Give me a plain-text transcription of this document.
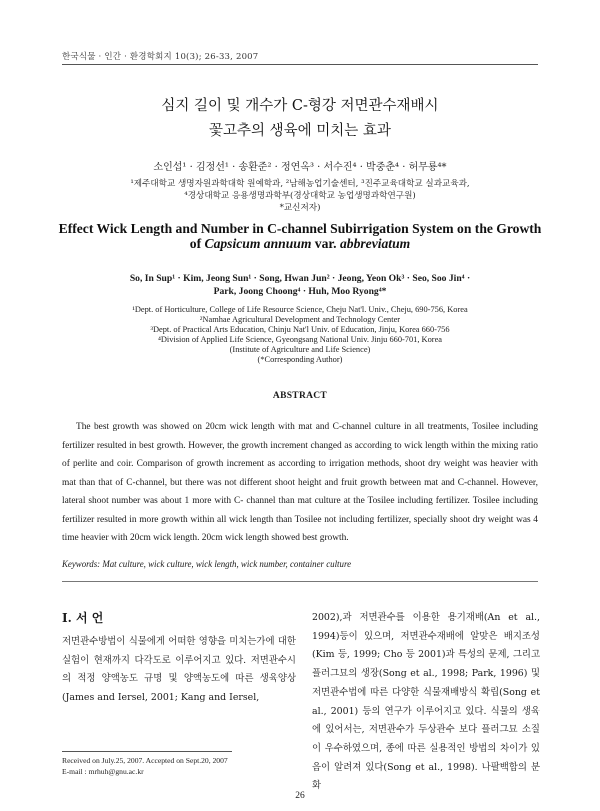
한국식물 · 인간 · 환경학회지 10(3); 26-33, 2007
심지 길이 및 개수가 C-형강 저면관수재배시
꽃고추의 생육에 미치는 효과
소인섭¹ · 김정선¹ · 송환준² · 정연옥³ · 서수진⁴ · 박중춘⁴ · 허무룡⁴*
¹제주대학교 생명자원과학대학 원예학과, ²남해농업기술센터, ³진주교육대학교 실과교육과,
⁴경상대학교 응용생명과학부(경상대학교 농업생명과학연구원)
*교신저자)
Effect Wick Length and Number in C-channel Subirrigation System on the Growth
of Capsicum annuum var. abbreviatum
So, In Sup¹ · Kim, Jeong Sun¹ · Song, Hwan Jun² · Jeong, Yeon Ok³ · Seo, Soo Jin⁴ ·
Park, Joong Choong⁴ · Huh, Moo Ryong⁴*
¹Dept. of Horticulture, College of Life Resource Science, Cheju Nat'l. Univ., Cheju, 690-756, Korea
²Namhae Agricultural Development and Technology Center
³Dept. of Practical Arts Education, Chinju Nat'l Univ. of Education, Jinju, Korea 660-756
⁴Division of Applied Life Science, Gyeongsang National Univ. Jinju 660-701, Korea
(Institute of Agriculture and Life Science)
(*Corresponding Author)
ABSTRACT

The best growth was showed on 20cm wick length with mat and C-channel culture in all treatments, Tosilee including fertilizer resulted in best growth. However, the growth increment changed as according to wick length within the mixing ratio of perlite and coir. Comparison of growth increment as according to irrigation methods, shoot dry weight was heavier with mat than that of C-channel, but there was not different shoot height and fruit growth between mat and C-channel. However, lateral shoot number was about 1 more with C- channel than mat culture at the Tosilee including fertilizer. Tosilee including fertilizer resulted in more growth within all wick length than Tosilee not including fertilizer, specially shoot dry weight was 4 time heavier with 20cm wick length. 20cm wick length showed best growth.

Keywords: Mat culture, wick culture, wick length, wick number, container culture
I. 서 언

저면관수방법이 식물에게 어떠한 영향을 미치는가에 대한 실험이 현재까지 다각도로 이루어지고 있다. 저면관수시의 적정 양액농도 규명 및 양액농도에 따른 생육양상(James and Iersel, 2001; Kang and Iersel,

2002),과 저면관수를 이용한 용기재배(An et al., 1994)등이 있으며, 저면관수재배에 알맞은 배지조성(Kim 등, 1999; Cho 등 2001)과 특성의 문제, 그리고 플러그묘의 생장(Song et al., 1998; Park, 1996) 및 저면관수법에 따른 다양한 식물재배방식 확립(Song et al., 2001) 등의 연구가 이루어지고 있다. 식물의 생육에 있어서는, 저면관수가 두상관수 보다 플러그묘 소질이 우수하였으며, 종에 따른 실용적인 방법의 차이가 있음이 알려져 있다(Song et al., 1998). 나팔백합의 분화

Received on July.25, 2007. Accepted on Sept.20, 2007
E-mail : mrhuh@gnu.ac.kr
26
